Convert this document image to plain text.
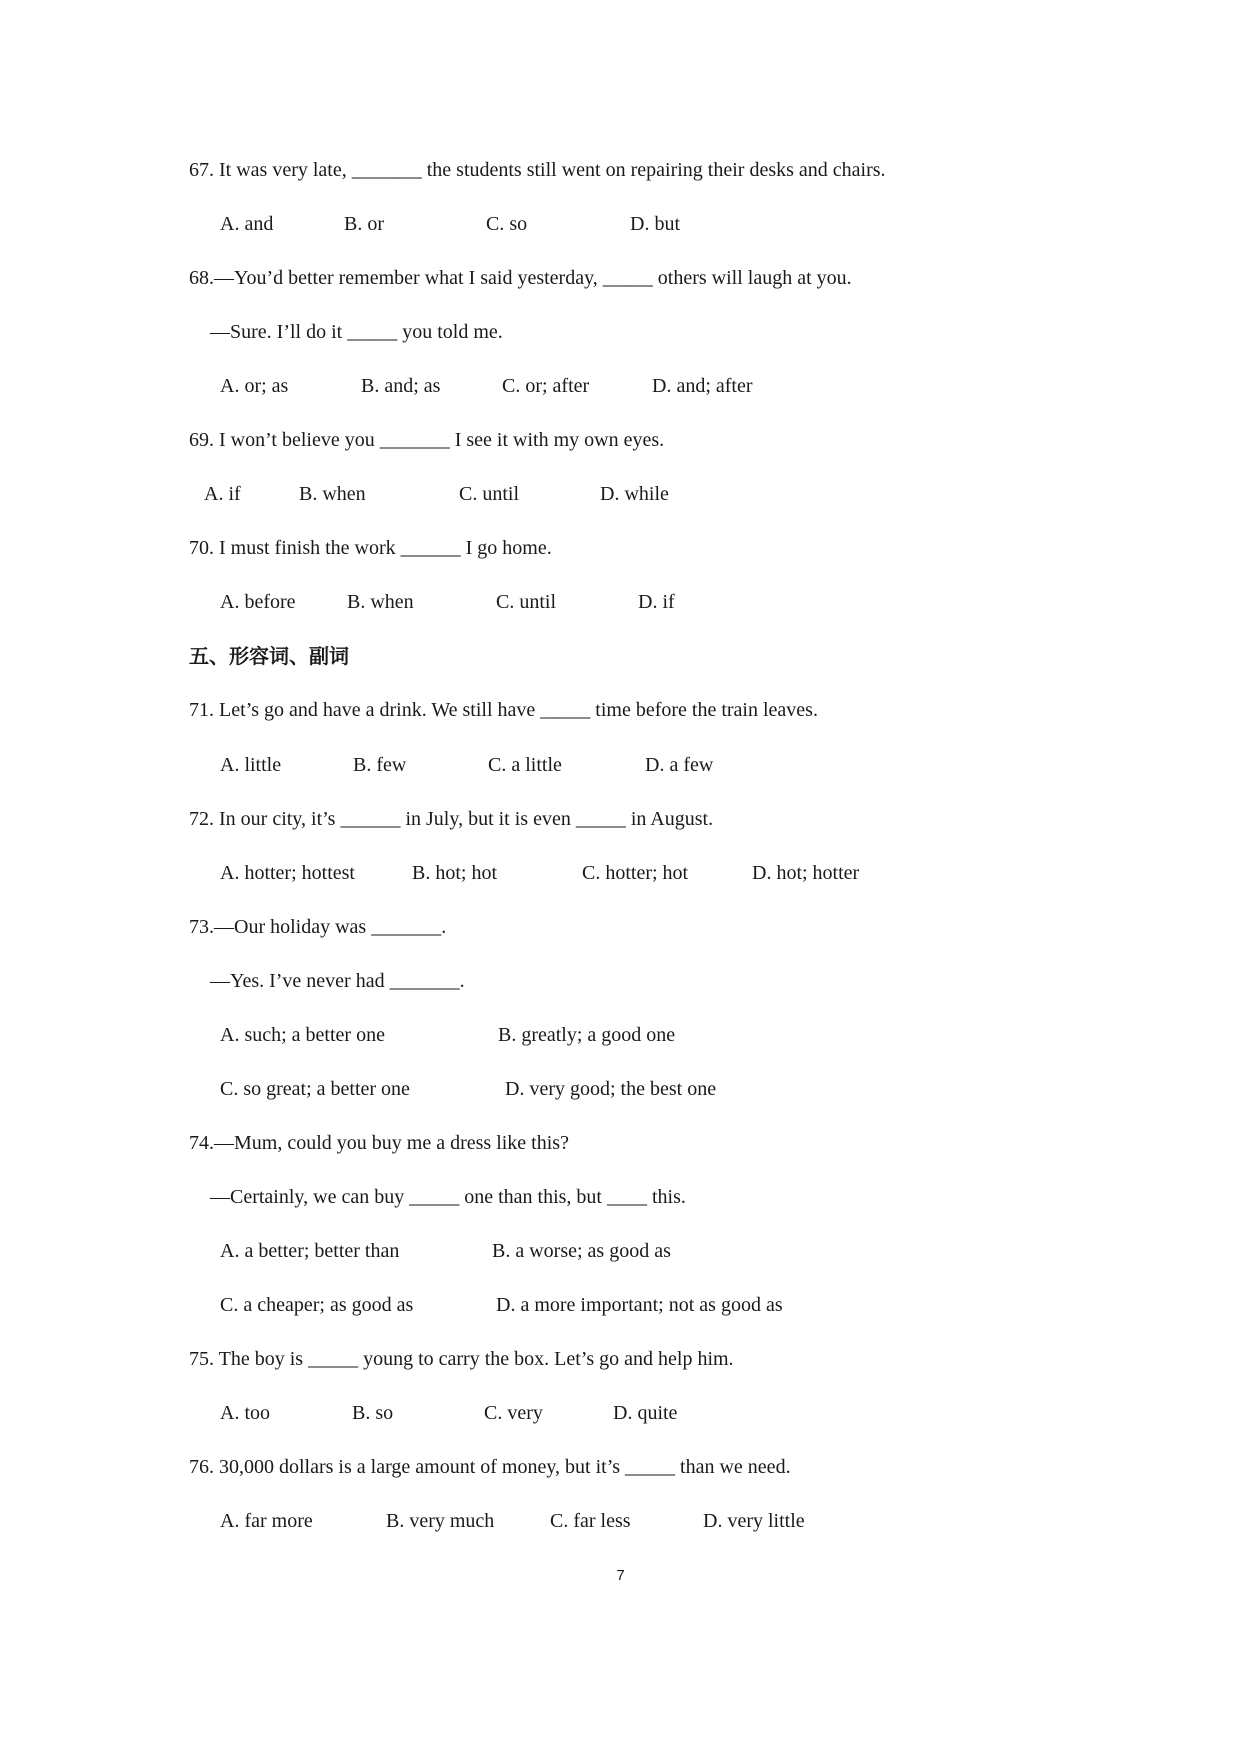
67. It was very late, _______ the students still went on repairing their desks and chairs.
A. and	B. or	C. so	D. but
68.—You’d better remember what I said yesterday, _____ others will laugh at you.
—Sure. I’ll do it _____ you told me.
A. or; as	B. and; as	C. or; after	D. and; after
69. I won’t believe you _______ I see it with my own eyes.
A. if	B. when	C. until	D. while
70. I must finish the work ______ I go home.
A. before	B. when	C. until	D. if
五、形容词、副词
71. Let’s go and have a drink. We still have _____ time before the train leaves.
A. little	B. few	C. a little	D. a few
72. In our city, it’s ______ in July, but it is even _____ in August.
A. hotter; hottest	B. hot; hot	C. hotter; hot	D. hot; hotter
73.—Our holiday was _______.
—Yes. I’ve never had _______.
A. such; a better one	B. greatly; a good one
C. so great; a better one	D. very good; the best one
74.—Mum, could you buy me a dress like this?
—Certainly, we can buy _____ one than this, but ____ this.
A. a better; better than	B. a worse; as good as
C. a cheaper; as good as	D. a more important; not as good as
75. The boy is _____ young to carry the box. Let’s go and help him.
A. too	B. so	C. very	D. quite
76. 30,000 dollars is a large amount of money, but it’s _____ than we need.
A. far more	B. very much	C. far less	D. very little
7
